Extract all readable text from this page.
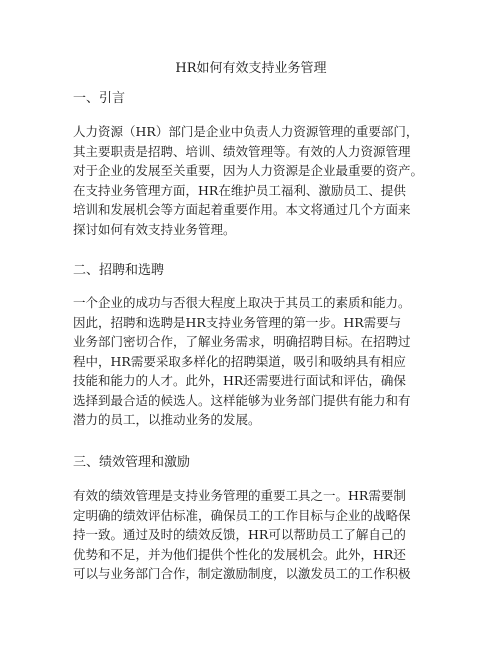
HR如何有效支持业务管理
一、引言
人力资源（HR）部门是企业中负责人力资源管理的重要部门，
其主要职责是招聘、培训、绩效管理等。有效的人力资源管理
对于企业的发展至关重要，因为人力资源是企业最重要的资产。
在支持业务管理方面，HR在维护员工福利、激励员工、提供
培训和发展机会等方面起着重要作用。本文将通过几个方面来
探讨如何有效支持业务管理。
二、招聘和选聘
一个企业的成功与否很大程度上取决于其员工的素质和能力。
因此，招聘和选聘是HR支持业务管理的第一步。HR需要与
业务部门密切合作，了解业务需求，明确招聘目标。在招聘过
程中，HR需要采取多样化的招聘渠道，吸引和吸纳具有相应
技能和能力的人才。此外，HR还需要进行面试和评估，确保
选择到最合适的候选人。这样能够为业务部门提供有能力和有
潜力的员工，以推动业务的发展。
三、绩效管理和激励
有效的绩效管理是支持业务管理的重要工具之一。HR需要制
定明确的绩效评估标准，确保员工的工作目标与企业的战略保
持一致。通过及时的绩效反馈，HR可以帮助员工了解自己的
优势和不足，并为他们提供个性化的发展机会。此外，HR还
可以与业务部门合作，制定激励制度，以激发员工的工作积极
